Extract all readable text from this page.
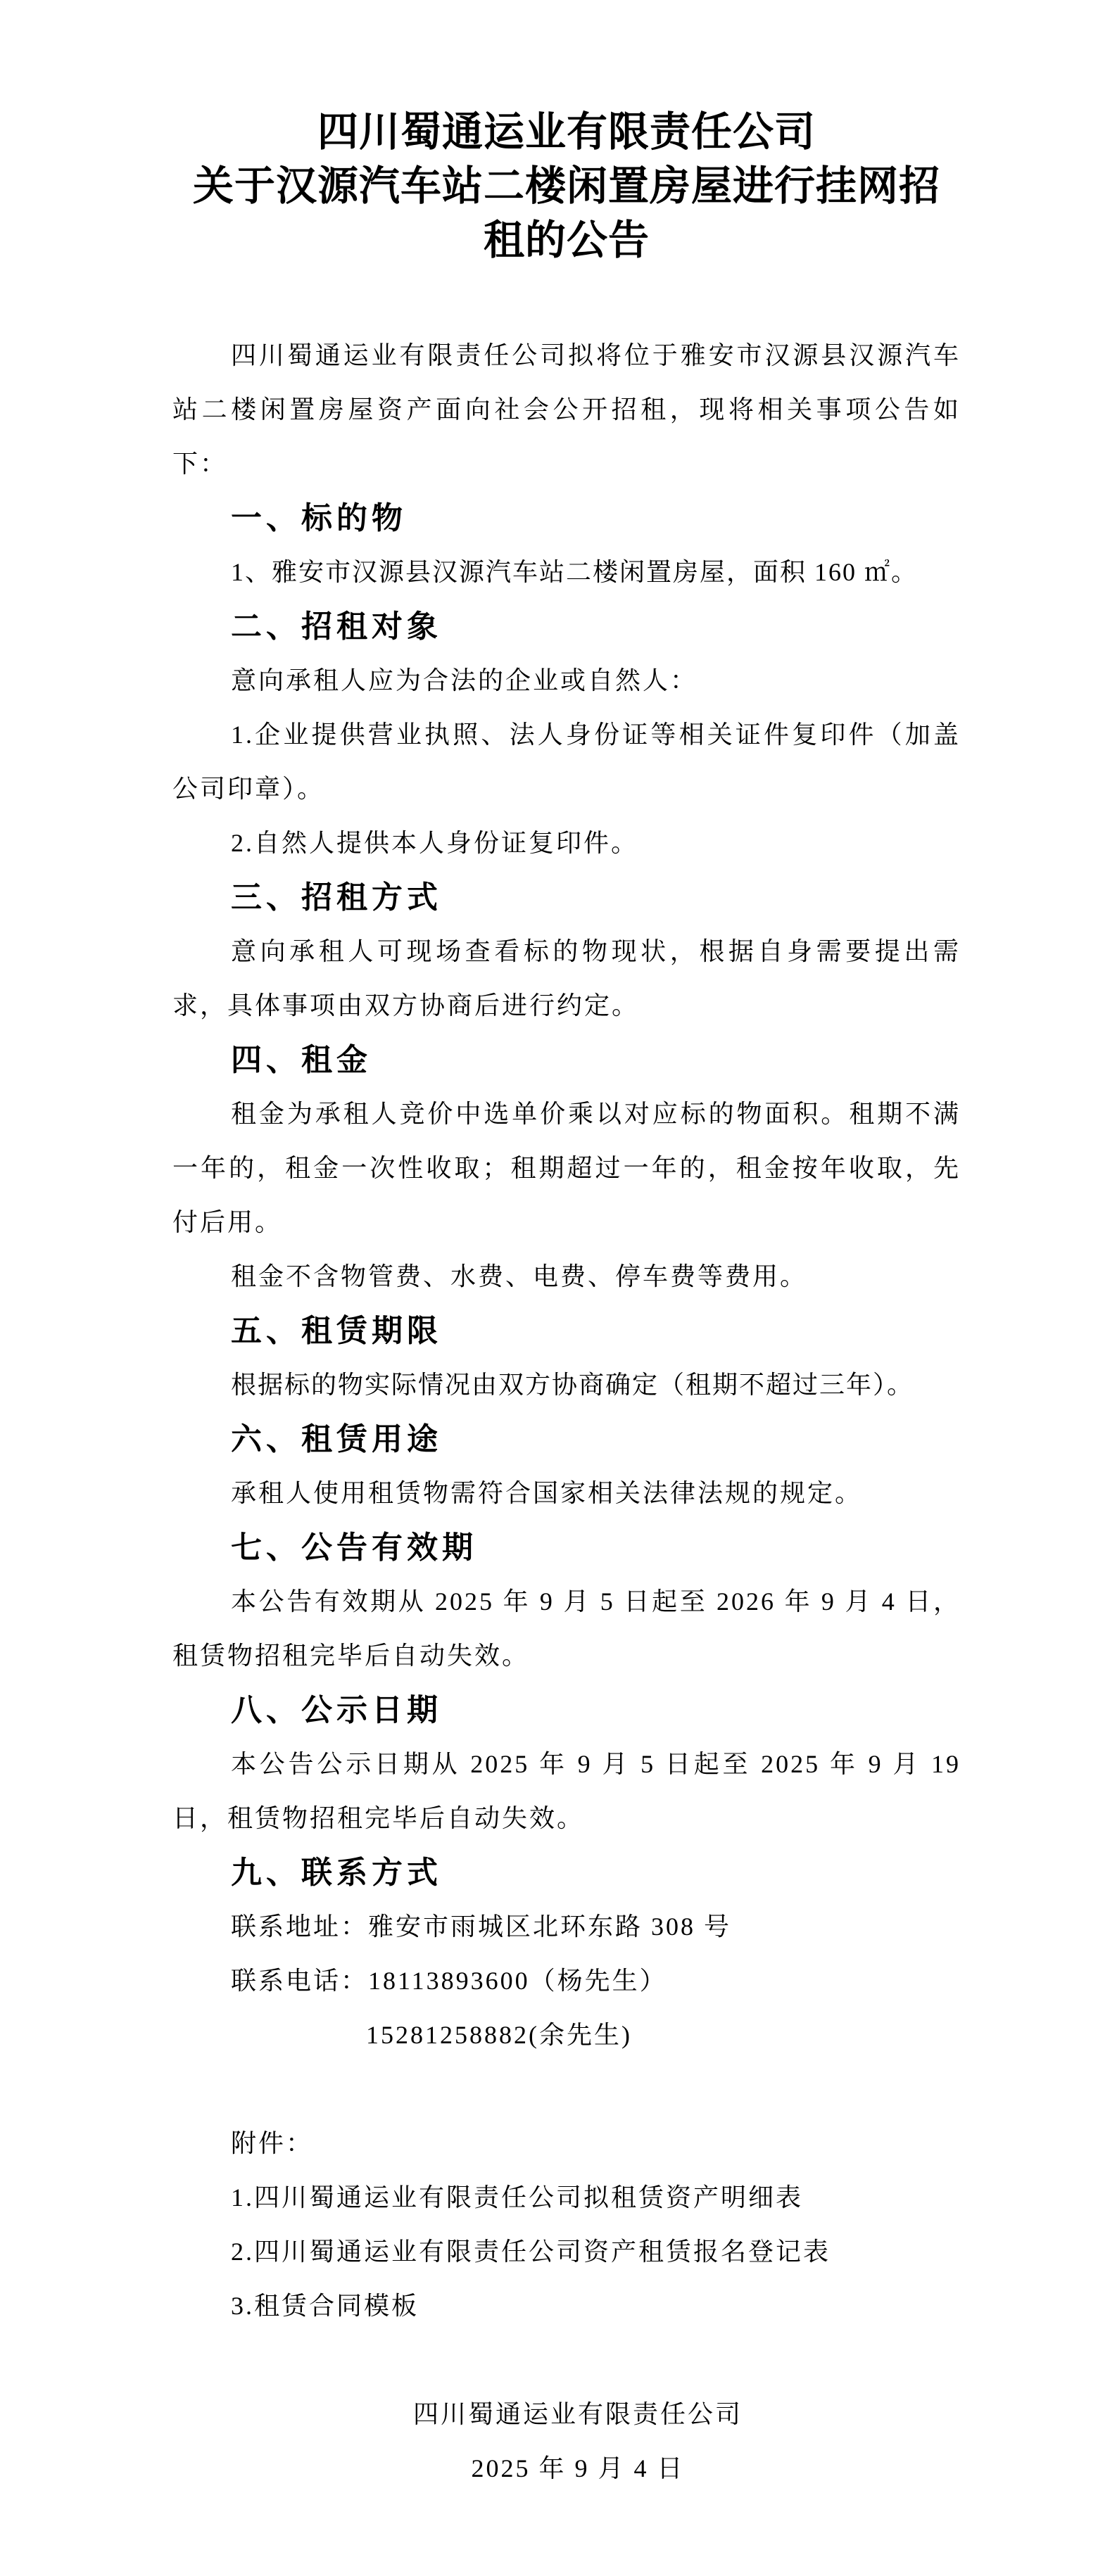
四川蜀通运业有限责任公司
关于汉源汽车站二楼闲置房屋进行挂网招
租的公告

四川蜀通运业有限责任公司拟将位于雅安市汉源县汉源汽车站二楼闲置房屋资产面向社会公开招租，现将相关事项公告如下：

一、标的物

1、雅安市汉源县汉源汽车站二楼闲置房屋，面积 160 ㎡。

二、招租对象

意向承租人应为合法的企业或自然人：

1.企业提供营业执照、法人身份证等相关证件复印件（加盖公司印章）。

2.自然人提供本人身份证复印件。

三、招租方式

意向承租人可现场查看标的物现状，根据自身需要提出需求，具体事项由双方协商后进行约定。

四、租金

租金为承租人竞价中选单价乘以对应标的物面积。租期不满一年的，租金一次性收取；租期超过一年的，租金按年收取，先付后用。

租金不含物管费、水费、电费、停车费等费用。

五、租赁期限

根据标的物实际情况由双方协商确定（租期不超过三年）。

六、租赁用途

承租人使用租赁物需符合国家相关法律法规的规定。

七、公告有效期

本公告有效期从 2025 年 9 月 5 日起至 2026 年 9 月 4 日，租赁物招租完毕后自动失效。

八、公示日期

本公告公示日期从 2025 年 9 月 5 日起至 2025 年 9 月 19 日，租赁物招租完毕后自动失效。

九、联系方式

联系地址：雅安市雨城区北环东路 308 号

联系电话：18113893600（杨先生）

15281258882(余先生)

附件：

1.四川蜀通运业有限责任公司拟租赁资产明细表

2.四川蜀通运业有限责任公司资产租赁报名登记表

3.租赁合同模板

四川蜀通运业有限责任公司
2025 年 9 月 4 日
